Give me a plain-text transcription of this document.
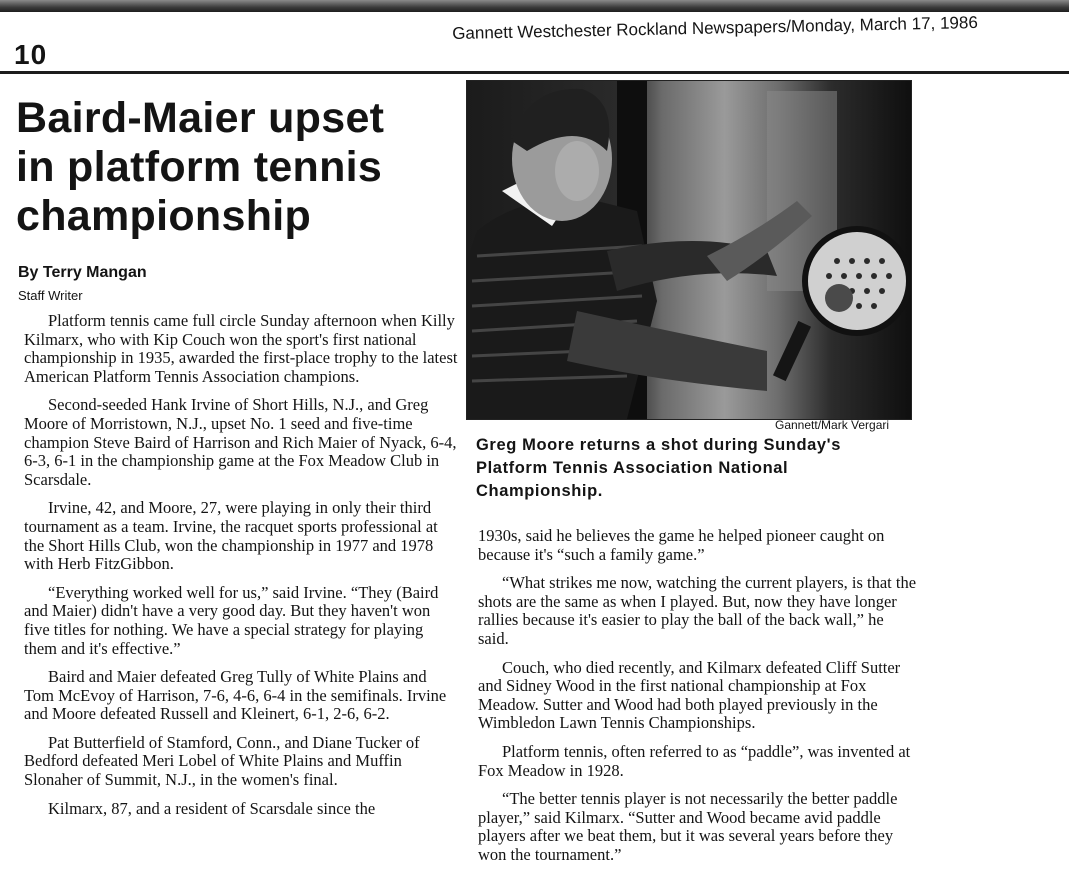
10
Gannett Westchester Rockland Newspapers/Monday, March 17, 1986
Baird-Maier upset
in platform tennis
championship
By Terry Mangan
Staff Writer

Platform tennis came full circle Sunday afternoon when Killy Kilmarx, who with Kip Couch won the sport's first national championship in 1935, awarded the first-place trophy to the latest American Platform Tennis Association champions.

Second-seeded Hank Irvine of Short Hills, N.J., and Greg Moore of Morristown, N.J., upset No. 1 seed and five-time champion Steve Baird of Harrison and Rich Maier of Nyack, 6-4, 6-3, 6-1 in the championship game at the Fox Meadow Club in Scarsdale.

Irvine, 42, and Moore, 27, were playing in only their third tournament as a team. Irvine, the racquet sports professional at the Short Hills Club, won the championship in 1977 and 1978 with Herb FitzGibbon.

“Everything worked well for us,” said Irvine. “They (Baird and Maier) didn't have a very good day. But they haven't won five titles for nothing. We have a special strategy for playing them and it's effective.”

Baird and Maier defeated Greg Tully of White Plains and Tom McEvoy of Harrison, 7-6, 4-6, 6-4 in the semifinals. Irvine and Moore defeated Russell and Kleinert, 6-1, 2-6, 6-2.

Pat Butterfield of Stamford, Conn., and Diane Tucker of Bedford defeated Meri Lobel of White Plains and Muffin Slonaher of Summit, N.J., in the women's final.

Kilmarx, 87, and a resident of Scarsdale since the

Gannett/Mark Vergari

Greg Moore returns a shot during Sunday's Platform Tennis Association National Championship.

1930s, said he believes the game he helped pioneer caught on because it's “such a family game.”

“What strikes me now, watching the current players, is that the shots are the same as when I played. But, now they have longer rallies because it's easier to play the ball of the back wall,” he said.

Couch, who died recently, and Kilmarx defeated Cliff Sutter and Sidney Wood in the first national championship at Fox Meadow. Sutter and Wood had both played previously in the Wimbledon Lawn Tennis Championships.

Platform tennis, often referred to as “paddle”, was invented at Fox Meadow in 1928.

“The better tennis player is not necessarily the better paddle player,” said Kilmarx. “Sutter and Wood became avid paddle players after we beat them, but it was several years before they won the tournament.”
